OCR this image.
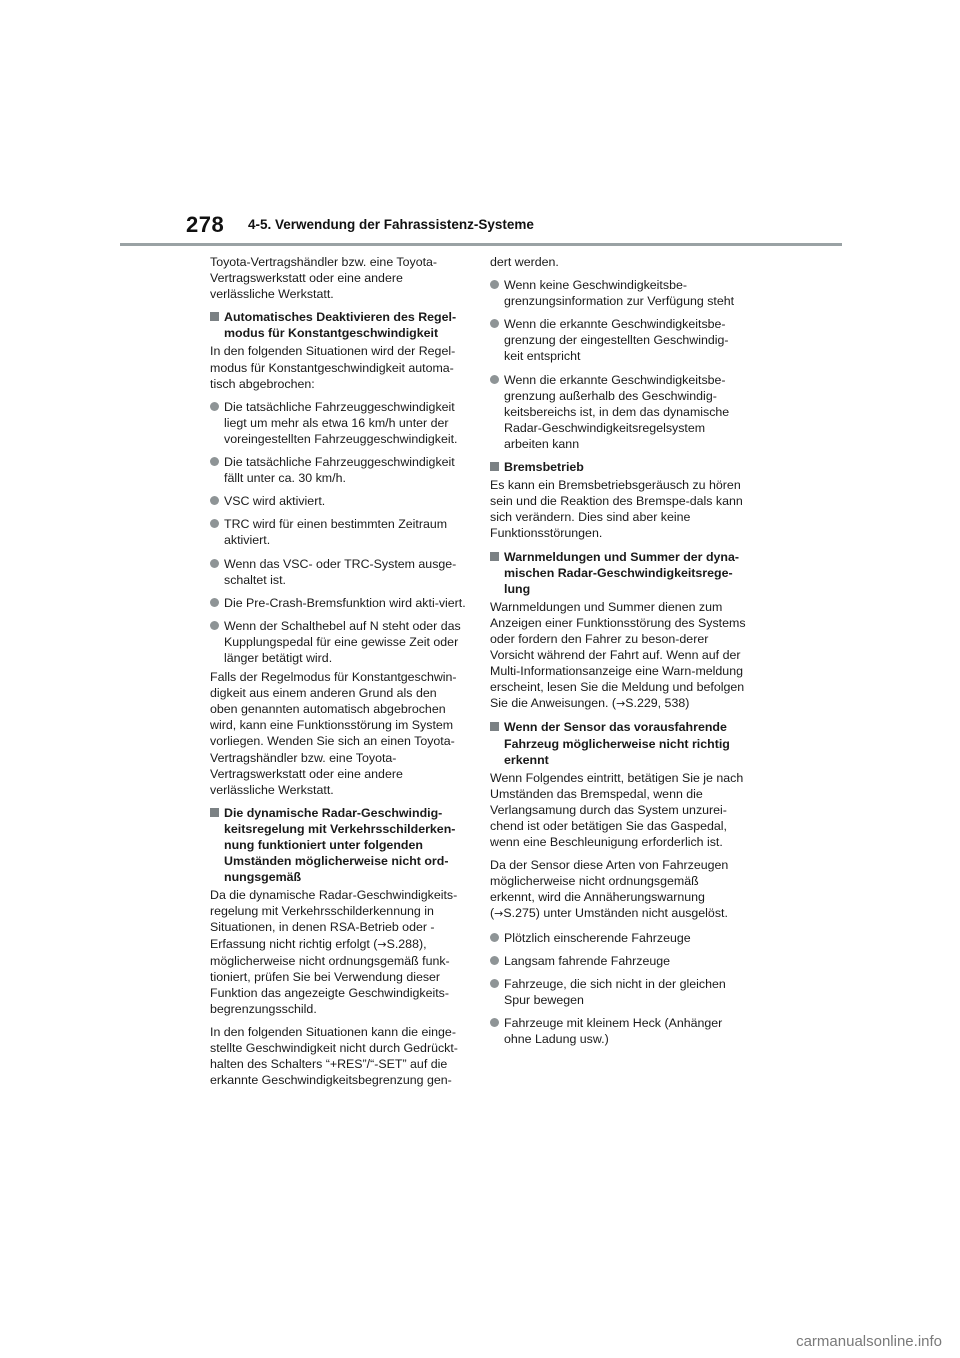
278 4-5. Verwendung der Fahrassistenz-Systeme

Toyota-Vertragshändler bzw. eine Toyota-Vertragswerkstatt oder eine andere verlässliche Werkstatt.

Automatisches Deaktivieren des Regel-modus für Konstantgeschwindigkeit

In den folgenden Situationen wird der Regel-modus für Konstantgeschwindigkeit automa-tisch abgebrochen:

Die tatsächliche Fahrzeuggeschwindigkeit liegt um mehr als etwa 16 km/h unter der voreingestellten Fahrzeuggeschwindigkeit.
Die tatsächliche Fahrzeuggeschwindigkeit fällt unter ca. 30 km/h.
VSC wird aktiviert.
TRC wird für einen bestimmten Zeitraum aktiviert.
Wenn das VSC- oder TRC-System ausge-schaltet ist.
Die Pre-Crash-Bremsfunktion wird akti-viert.
Wenn der Schalthebel auf N steht oder das Kupplungspedal für eine gewisse Zeit oder länger betätigt wird.

Falls der Regelmodus für Konstantgeschwin-digkeit aus einem anderen Grund als den oben genannten automatisch abgebrochen wird, kann eine Funktionsstörung im System vorliegen. Wenden Sie sich an einen Toyota-Vertragshändler bzw. eine Toyota-Vertragswerkstatt oder eine andere verlässliche Werkstatt.

Die dynamische Radar-Geschwindig-keitsregelung mit Verkehrsschilderken-nung funktioniert unter folgenden Umständen möglicherweise nicht ord-nungsgemäß

Da die dynamische Radar-Geschwindigkeits-regelung mit Verkehrsschilderkennung in Situationen, in denen RSA-Betrieb oder -Erfassung nicht richtig erfolgt (→S.288), möglicherweise nicht ordnungsgemäß funk-tioniert, prüfen Sie bei Verwendung dieser Funktion das angezeigte Geschwindigkeits-begrenzungsschild.

In den folgenden Situationen kann die einge-stellte Geschwindigkeit nicht durch Gedrückt-halten des Schalters “+RES”/“-SET” auf die erkannte Geschwindigkeitsbegrenzung gen-

dert werden.

Wenn keine Geschwindigkeitsbe-grenzungsinformation zur Verfügung steht
Wenn die erkannte Geschwindigkeitsbe-grenzung der eingestellten Geschwindig-keit entspricht
Wenn die erkannte Geschwindigkeitsbe-grenzung außerhalb des Geschwindig-keitsbereichs ist, in dem das dynamische Radar-Geschwindigkeitsregelsystem arbeiten kann
Bremsbetrieb

Es kann ein Bremsbetriebsgeräusch zu hören sein und die Reaktion des Bremspe-dals kann sich verändern. Dies sind aber keine Funktionsstörungen.

Warnmeldungen und Summer der dyna-mischen Radar-Geschwindigkeitsrege-lung

Warnmeldungen und Summer dienen zum Anzeigen einer Funktionsstörung des Systems oder fordern den Fahrer zu beson-derer Vorsicht während der Fahrt auf. Wenn auf der Multi-Informationsanzeige eine Warn-meldung erscheint, lesen Sie die Meldung und befolgen Sie die Anweisungen. (→S.229, 538)

Wenn der Sensor das vorausfahrende Fahrzeug möglicherweise nicht richtig erkennt

Wenn Folgendes eintritt, betätigen Sie je nach Umständen das Bremspedal, wenn die Verlangsamung durch das System unzurei-chend ist oder betätigen Sie das Gaspedal, wenn eine Beschleunigung erforderlich ist.

Da der Sensor diese Arten von Fahrzeugen möglicherweise nicht ordnungsgemäß erkennt, wird die Annäherungswarnung (→S.275) unter Umständen nicht ausgelöst.

Plötzlich einscherende Fahrzeuge
Langsam fahrende Fahrzeuge
Fahrzeuge, die sich nicht in der gleichen Spur bewegen
Fahrzeuge mit kleinem Heck (Anhänger ohne Ladung usw.)
carmanualsonline.info
